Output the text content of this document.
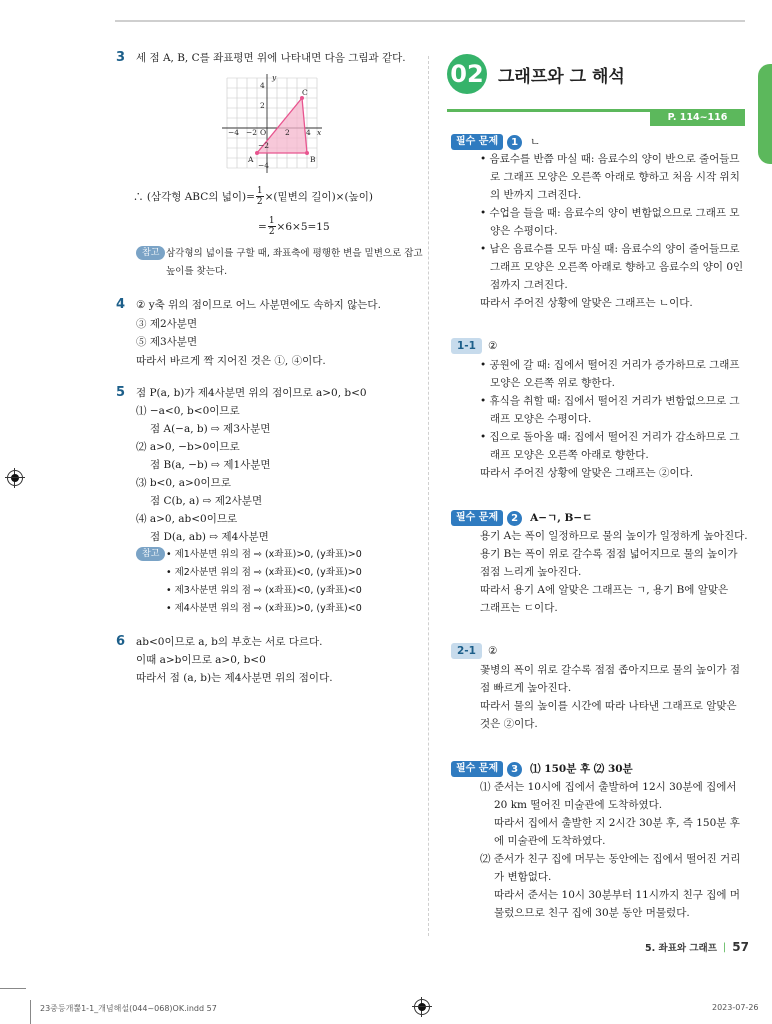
3 세 점 A, B, C를 좌표평면 위에 나타내면 다음 그림과 같다.
y
4
2
−2
−4
O
−4 −2	2 4 x
A	B
C
∴ (삼각형 ABC의 넓이)= $\frac{1}{2}$ ×(밑변의 길이)×(높이)
= $\frac{1}{2} \times 6\times 5=15$
참고 삼각형의 넓이를 구할 때, 좌표축에 평행한 변을 밑변으로 잡고
높이를 찾는다.
4 ② y축 위의 점이므로 어느 사분면에도 속하지 않는다.
③ 제2사분면
⑤ 제3사분면
따라서 바르게 짝 지어진 것은 ①, ④이다.
5 점 P(a, b)가 제4사분면 위의 점이므로 a>0, b<0
⑴ −a<0, b<0이므로
점 A(−a, b) ⇨ 제3사분면
⑵ a>0, −b>0이므로
점 B(a, −b) ⇨ 제1사분면
⑶ b<0, a>0이므로
점 C(b, a) ⇨ 제2사분면
⑷ a>0, ab<0이므로
점 D(a, ab) ⇨ 제4사분면
참고 • 제1사분면 위의 점 ⇨ (x좌표)>0, (y좌표)>0
• 제2사분면 위의 점 ⇨ (x좌표)<0, (y좌표)>0
• 제3사분면 위의 점 ⇨ (x좌표)<0, (y좌표)<0
• 제4사분면 위의 점 ⇨ (x좌표)>0, (y좌표)<0
6 ab<0이므로 a, b의 부호는 서로 다르다.
이때 a>b이므로 a>0, b<0
따라서 점 (a, b)는 제4사분면 위의 점이다.
02 그래프와 그 해석
P. 114~116
필수 문제	1	ㄴ
• 음료수를 반쯤 마실 때: 음료수의 양이 반으로 줄어들므
로 그래프 모양은 오른쪽 아래로 향하고 처음 시작 위치
의 반까지 그려진다.
• 수업을 들을 때: 음료수의 양이 변함없으므로 그래프 모
양은 수평이다.
• 남은 음료수를 모두 마실 때: 음료수의 양이 줄어들므로
그래프 모양은 오른쪽 아래로 향하고 음료수의 양이 0인
점까지 그려진다.
따라서 주어진 상황에 알맞은 그래프는 ㄴ이다.
1-1	②
• 공원에 갈 때: 집에서 떨어진 거리가 증가하므로 그래프
모양은 오른쪽 위로 향한다.
• 휴식을 취할 때: 집에서 떨어진 거리가 변함없으므로 그
래프 모양은 수평이다.
• 집으로 돌아올 때: 집에서 떨어진 거리가 감소하므로 그
래프 모양은 오른쪽 아래로 향한다.
따라서 주어진 상황에 알맞은 그래프는 ②이다.
필수 문제	2	A−ㄱ, B−ㄷ
용기 A는 폭이 일정하므로 물의 높이가 일정하게 높아진다.
용기 B는 폭이 위로 갈수록 점점 넓어지므로 물의 높이가
점점 느리게 높아진다.
따라서 용기 A에 알맞은 그래프는 ㄱ, 용기 B에 알맞은
그래프는 ㄷ이다.
2-1	②
꽃병의 폭이 위로 갈수록 점점 좁아지므로 물의 높이가 점
점 빠르게 높아진다.
따라서 물의 높이를 시간에 따라 나타낸 그래프로 알맞은
것은 ②이다.
필수 문제	3	⑴ 150분 후 ⑵ 30분
⑴ 준서는 10시에 집에서 출발하여 12시 30분에 집에서
20 km 떨어진 미술관에 도착하였다.
따라서 집에서 출발한 지 2시간 30분 후, 즉 150분 후
에 미술관에 도착하였다.
⑵ 준서가 친구 집에 머무는 동안에는 집에서 떨어진 거리
가 변함없다.
따라서 준서는 10시 30분부터 11시까지 친구 집에 머
물렀으므로 친구 집에 30분 동안 머물렀다.
5. 좌표와 그래프 | 57
23중등개뿔1-1_개념해설(044~068)OK.indd 57	2023-07-26
